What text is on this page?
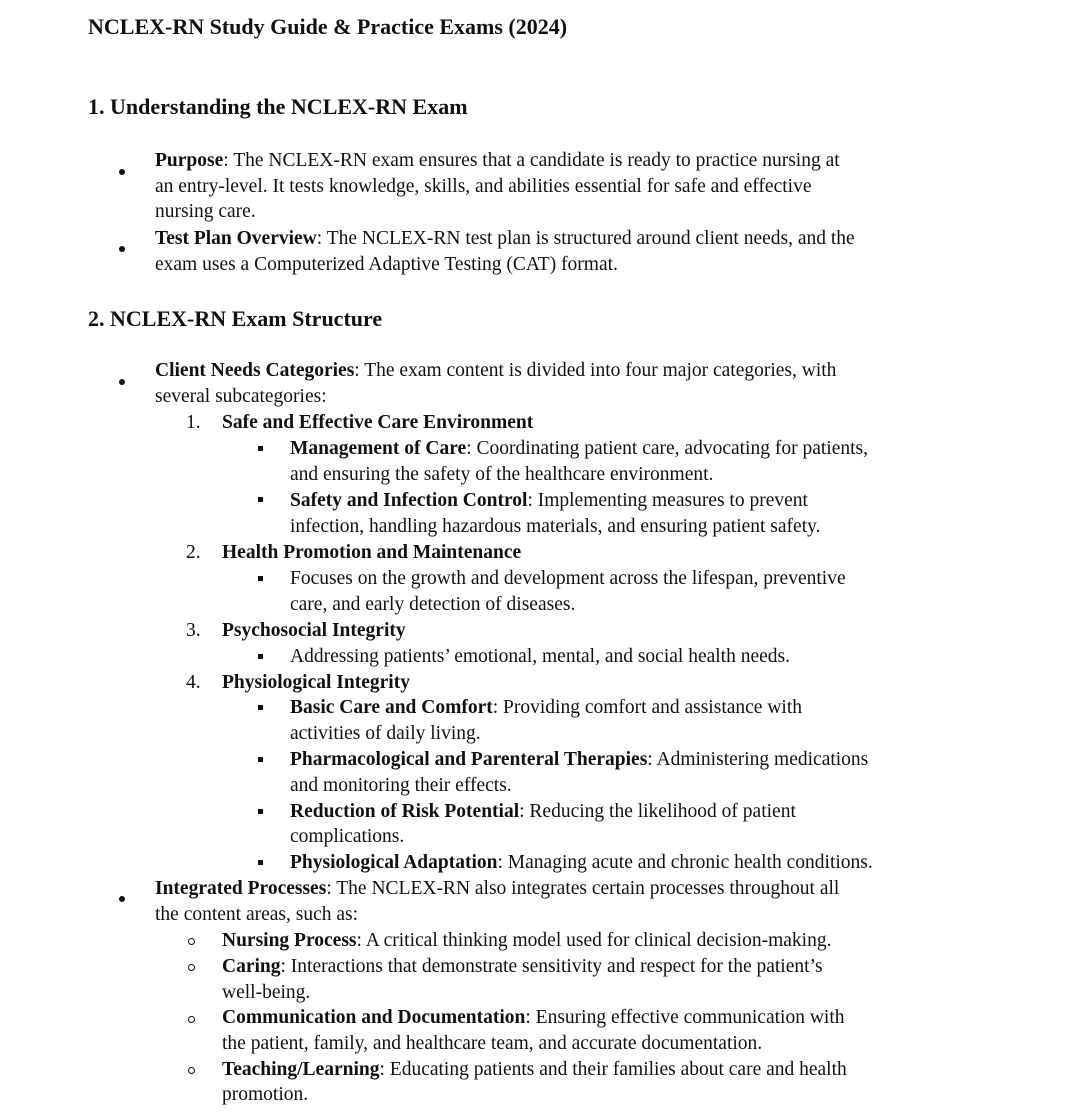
NCLEX-RN Study Guide & Practice Exams (2024)
1. Understanding the NCLEX-RN Exam
Purpose: The NCLEX-RN exam ensures that a candidate is ready to practice nursing at
an entry-level. It tests knowledge, skills, and abilities essential for safe and effective
nursing care.
Test Plan Overview: The NCLEX-RN test plan is structured around client needs, and the
exam uses a Computerized Adaptive Testing (CAT) format.
2. NCLEX-RN Exam Structure
Client Needs Categories: The exam content is divided into four major categories, with
several subcategories:
1.	Safe and Effective Care Environment
Management of Care: Coordinating patient care, advocating for patients,
and ensuring the safety of the healthcare environment.
Safety and Infection Control: Implementing measures to prevent
infection, handling hazardous materials, and ensuring patient safety.
2.	Health Promotion and Maintenance
Focuses on the growth and development across the lifespan, preventive
care, and early detection of diseases.
3.	Psychosocial Integrity
Addressing patients’ emotional, mental, and social health needs.
4.	Physiological Integrity
Basic Care and Comfort: Providing comfort and assistance with
activities of daily living.
Pharmacological and Parenteral Therapies: Administering medications
and monitoring their effects.
Reduction of Risk Potential: Reducing the likelihood of patient
complications.
Physiological Adaptation: Managing acute and chronic health conditions.
Integrated Processes: The NCLEX-RN also integrates certain processes throughout all
the content areas, such as:
Nursing Process: A critical thinking model used for clinical decision-making.
Caring: Interactions that demonstrate sensitivity and respect for the patient’s
well-being.
Communication and Documentation: Ensuring effective communication with
the patient, family, and healthcare team, and accurate documentation.
Teaching/Learning: Educating patients and their families about care and health
promotion.
